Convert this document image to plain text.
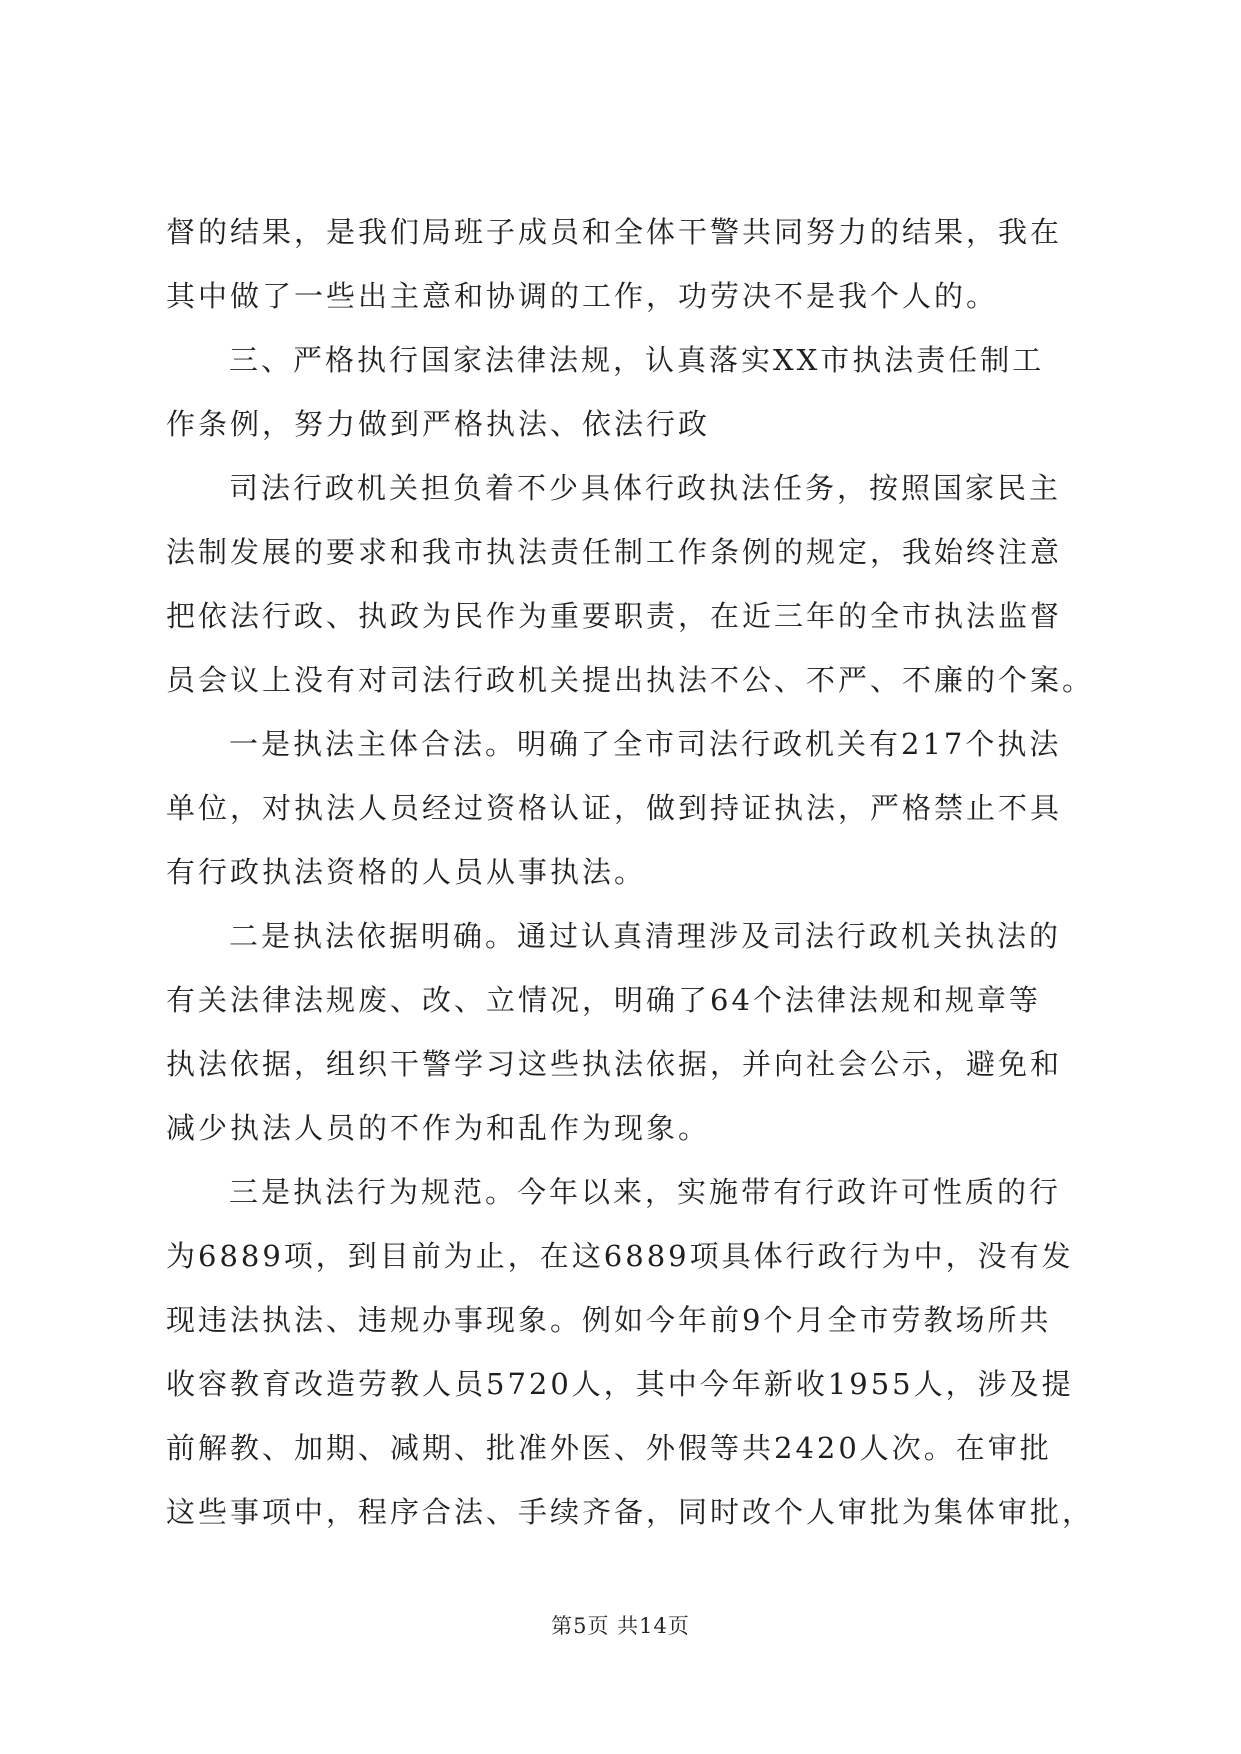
督的结果，是我们局班子成员和全体干警共同努力的结果，我在
其中做了一些出主意和协调的工作，功劳决不是我个人的。
三、严格执行国家法律法规，认真落实XX市执法责任制工
作条例，努力做到严格执法、依法行政
司法行政机关担负着不少具体行政执法任务，按照国家民主
法制发展的要求和我市执法责任制工作条例的规定，我始终注意
把依法行政、执政为民作为重要职责，在近三年的全市执法监督
员会议上没有对司法行政机关提出执法不公、不严、不廉的个案。
一是执法主体合法。明确了全市司法行政机关有217个执法
单位，对执法人员经过资格认证，做到持证执法，严格禁止不具
有行政执法资格的人员从事执法。
二是执法依据明确。通过认真清理涉及司法行政机关执法的
有关法律法规废、改、立情况，明确了64个法律法规和规章等
执法依据，组织干警学习这些执法依据，并向社会公示，避免和
减少执法人员的不作为和乱作为现象。
三是执法行为规范。今年以来，实施带有行政许可性质的行
为6889项，到目前为止，在这6889项具体行政行为中，没有发
现违法执法、违规办事现象。例如今年前9个月全市劳教场所共
收容教育改造劳教人员5720人，其中今年新收1955人，涉及提
前解教、加期、减期、批准外医、外假等共2420人次。在审批
这些事项中，程序合法、手续齐备，同时改个人审批为集体审批，
第5页 共14页
